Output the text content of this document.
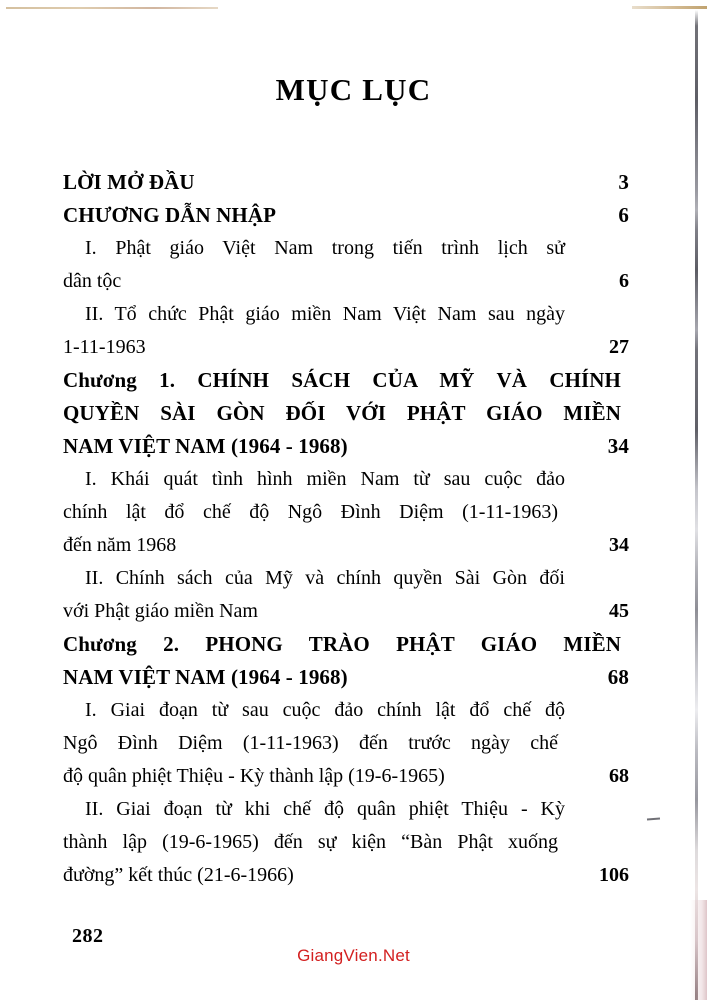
MỤC LỤC
LỜI MỞ ĐẦU	3
CHƯƠNG DẪN NHẬP	6
I. Phật giáo Việt Nam trong tiến trình lịch sử
dân tộc	6
II. Tổ chức Phật giáo miền Nam Việt Nam sau ngày
1-11-1963	27
Chương 1. CHÍNH SÁCH CỦA MỸ VÀ CHÍNH
QUYỀN SÀI GÒN ĐỐI VỚI PHẬT GIÁO MIỀN
NAM VIỆT NAM (1964 - 1968)	34
I. Khái quát tình hình miền Nam từ sau cuộc đảo
chính lật đổ chế độ Ngô Đình Diệm (1-11-1963)
đến năm 1968	34
II. Chính sách của Mỹ và chính quyền Sài Gòn đối
với Phật giáo miền Nam	45
Chương 2. PHONG TRÀO PHẬT GIÁO MIỀN
NAM VIỆT NAM (1964 - 1968)	68
I. Giai đoạn từ sau cuộc đảo chính lật đổ chế độ
Ngô Đình Diệm (1-11-1963) đến trước ngày chế
độ quân phiệt Thiệu - Kỳ thành lập (19-6-1965)	68
II. Giai đoạn từ khi chế độ quân phiệt Thiệu - Kỳ
thành lập (19-6-1965) đến sự kiện “Bàn Phật xuống
đường” kết thúc (21-6-1966)	106
282
GiangVien.Net
